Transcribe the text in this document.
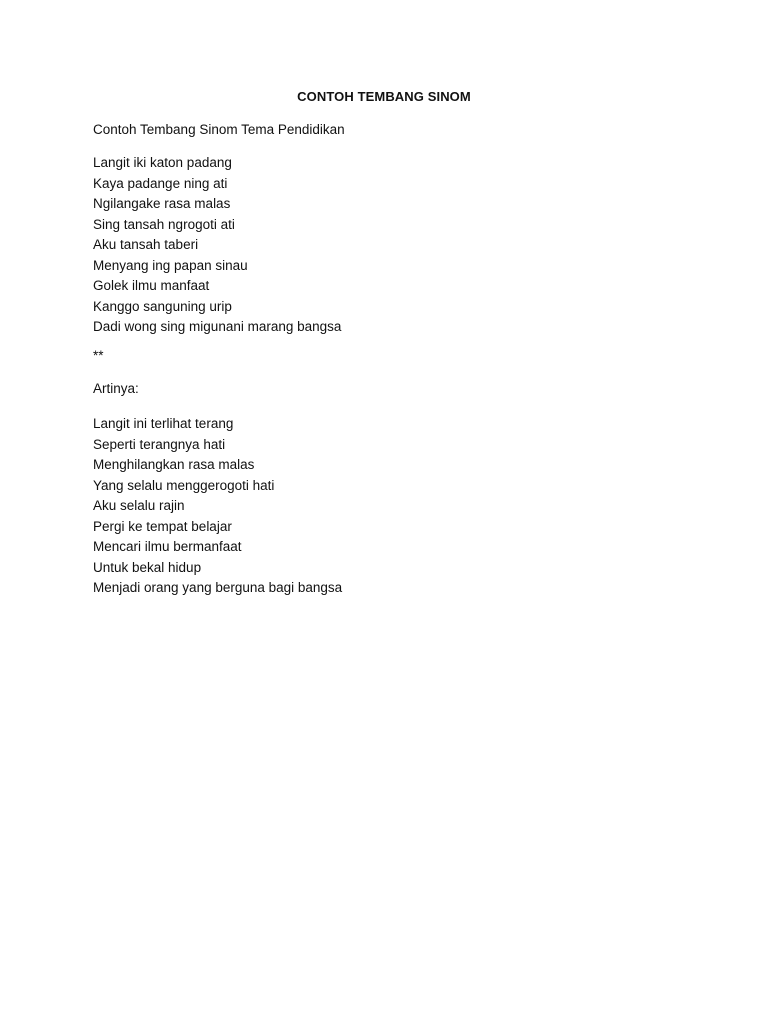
CONTOH TEMBANG SINOM
Contoh Tembang Sinom Tema Pendidikan
Langit iki katon padang
Kaya padange ning ati
Ngilangake rasa malas
Sing tansah ngrogoti ati
Aku tansah taberi
Menyang ing papan sinau
Golek ilmu manfaat
Kanggo sanguning urip
Dadi wong sing migunani marang bangsa
**
Artinya:
Langit ini terlihat terang
Seperti terangnya hati
Menghilangkan rasa malas
Yang selalu menggerogoti hati
Aku selalu rajin
Pergi ke tempat belajar
Mencari ilmu bermanfaat
Untuk bekal hidup
Menjadi orang yang berguna bagi bangsa
